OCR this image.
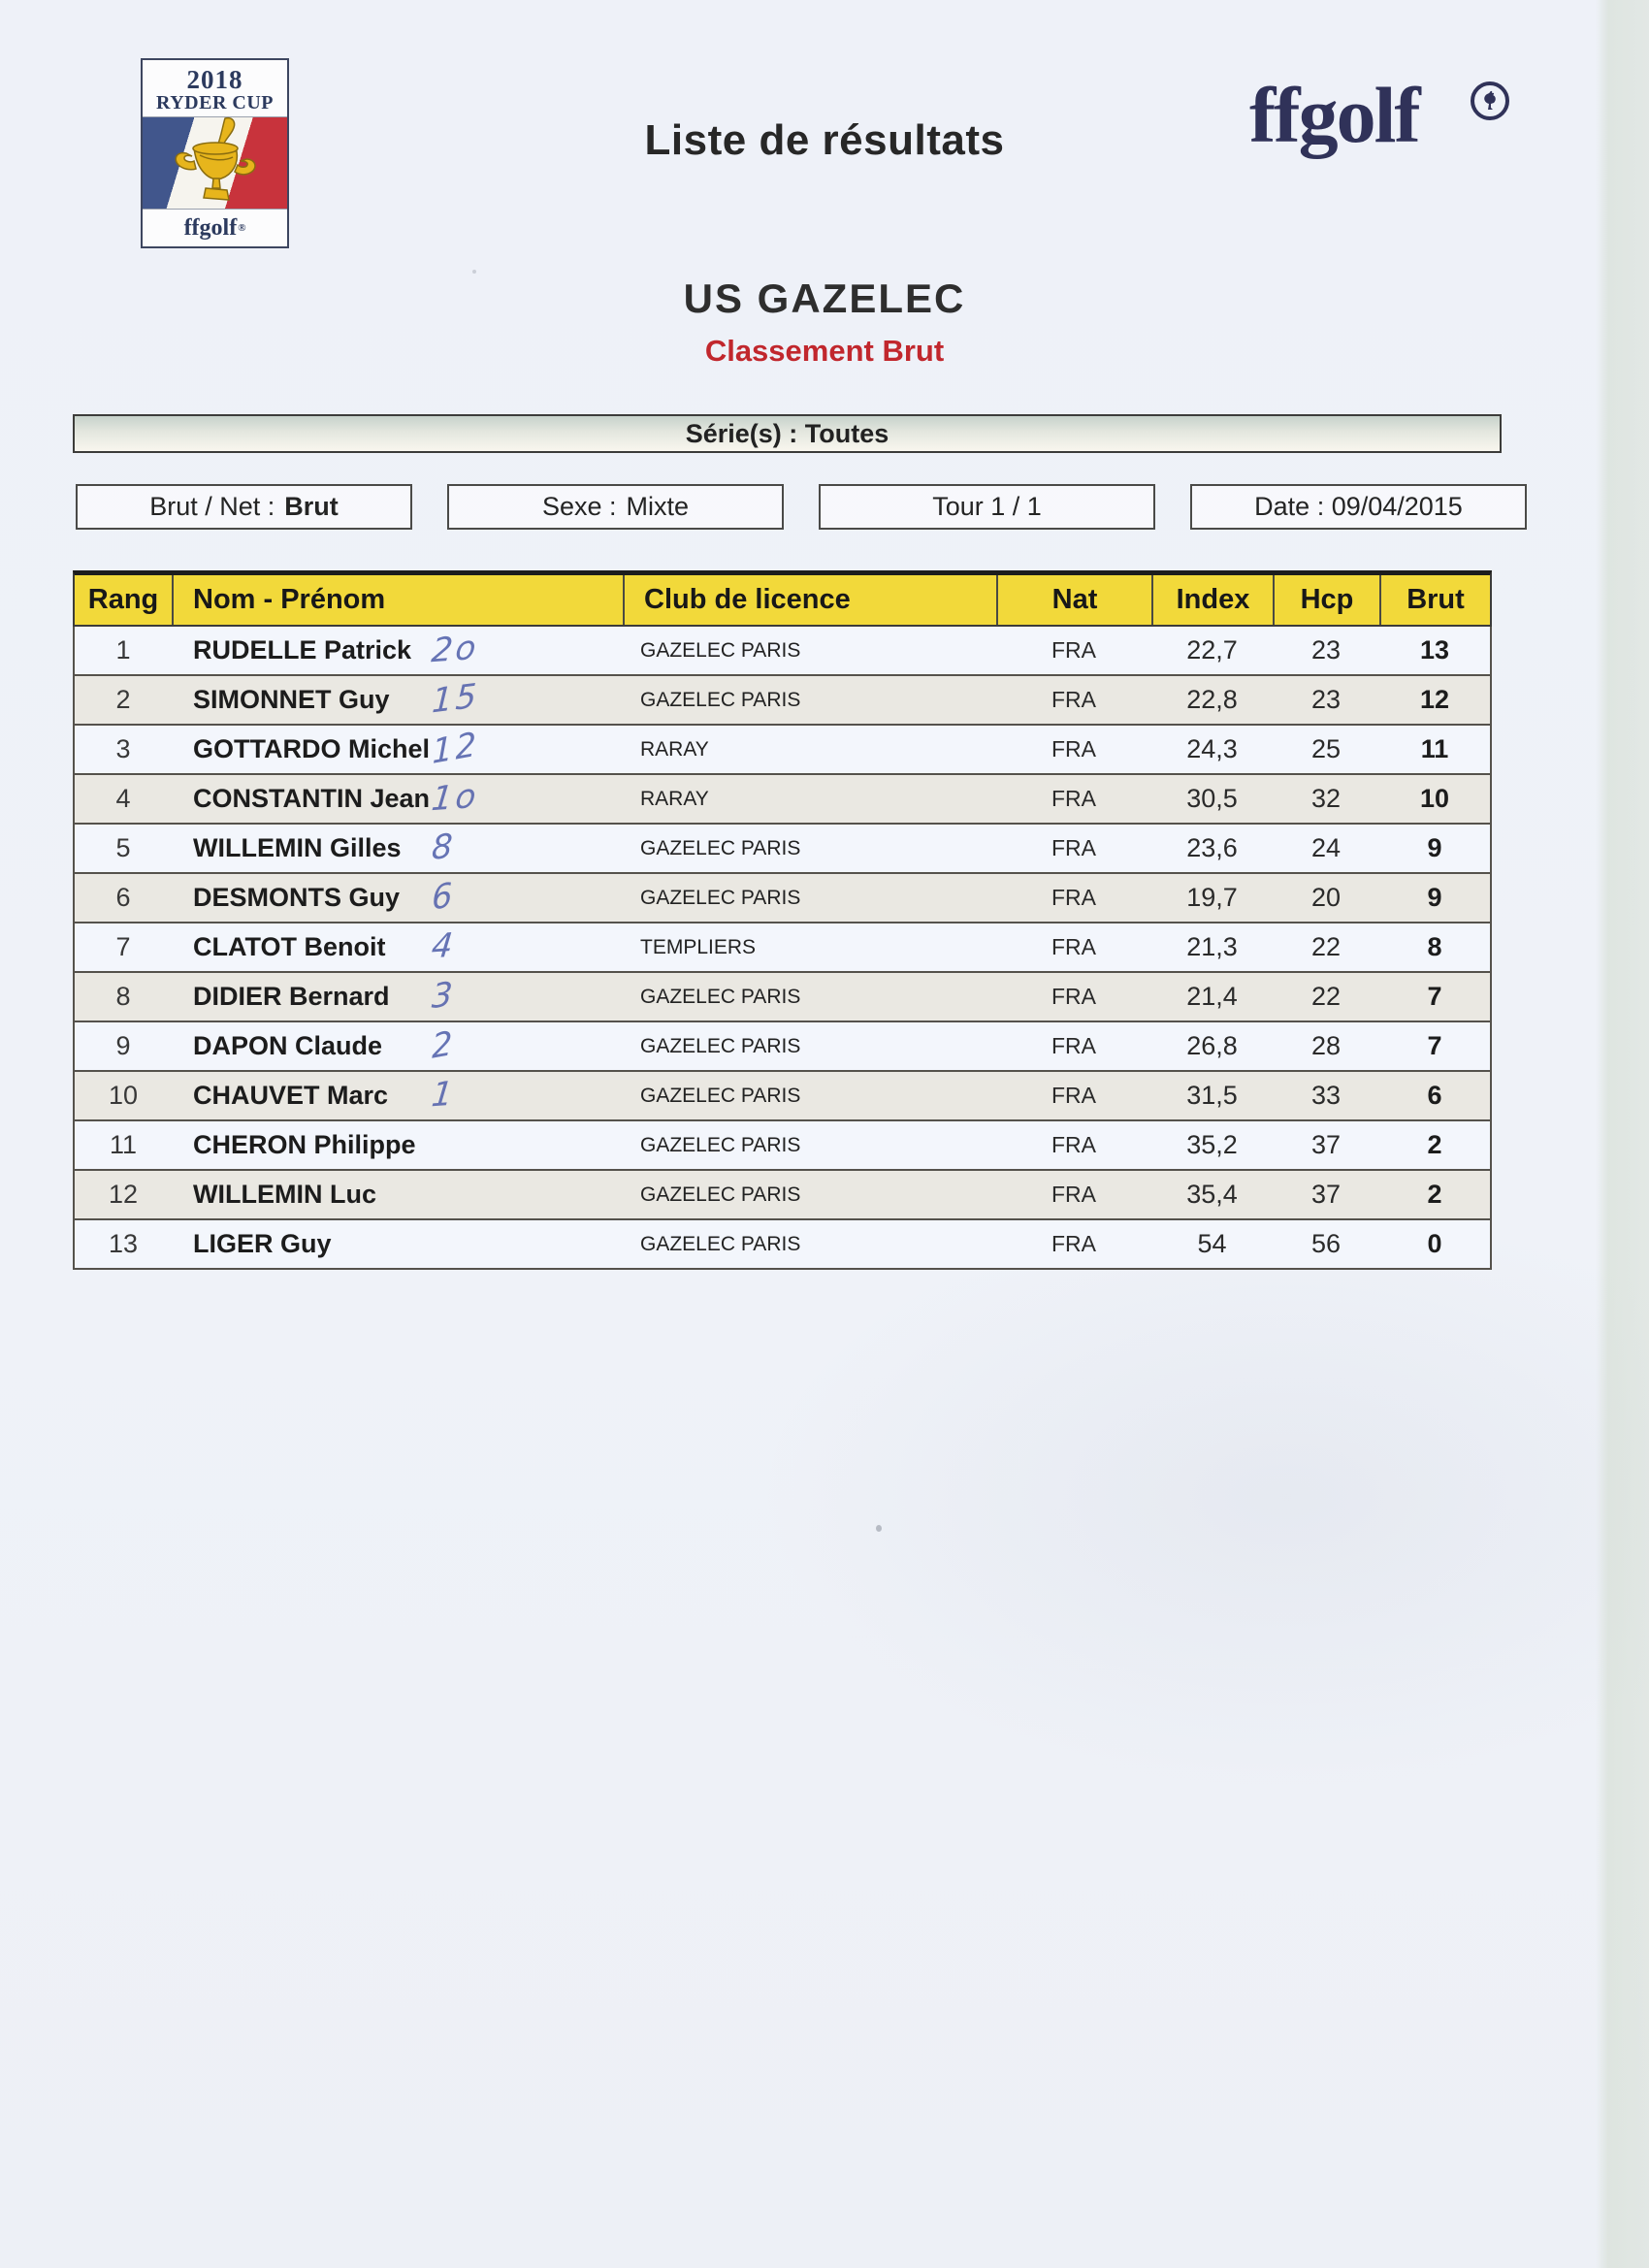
2018
RYDER CUP
ffgolf ®
Liste de résultats	ffgolf
US GAZELEC
Classement Brut
Série(s) : Toutes
Brut / Net : Brut	Sexe : Mixte	Tour 1 / 1	Date : 09/04/2015
Rang	Nom - Prénom	Club de licence	Nat	Index	Hcp	Brut
1	RUDELLE Patrick 2o	GAZELEC PARIS	FRA	22,7	23	13
2	SIMONNET Guy 15	GAZELEC PARIS	FRA	22,8	23	12
3	GOTTARDO Michel 12	RARAY	FRA	24,3	25	11
4	CONSTANTIN Jean 1o	RARAY	FRA	30,5	32	10
5	WILLEMIN Gilles 8	GAZELEC PARIS	FRA	23,6	24	9
6	DESMONTS Guy 6	GAZELEC PARIS	FRA	19,7	20	9
7	CLATOT Benoit 4	TEMPLIERS	FRA	21,3	22	8
8	DIDIER Bernard 3	GAZELEC PARIS	FRA	21,4	22	7
9	DAPON Claude 2	GAZELEC PARIS	FRA	26,8	28	7
10	CHAUVET Marc 1	GAZELEC PARIS	FRA	31,5	33	6
11	CHERON Philippe	GAZELEC PARIS	FRA	35,2	37	2
12	WILLEMIN Luc	GAZELEC PARIS	FRA	35,4	37	2
13	LIGER Guy	GAZELEC PARIS	FRA	54	56	0
